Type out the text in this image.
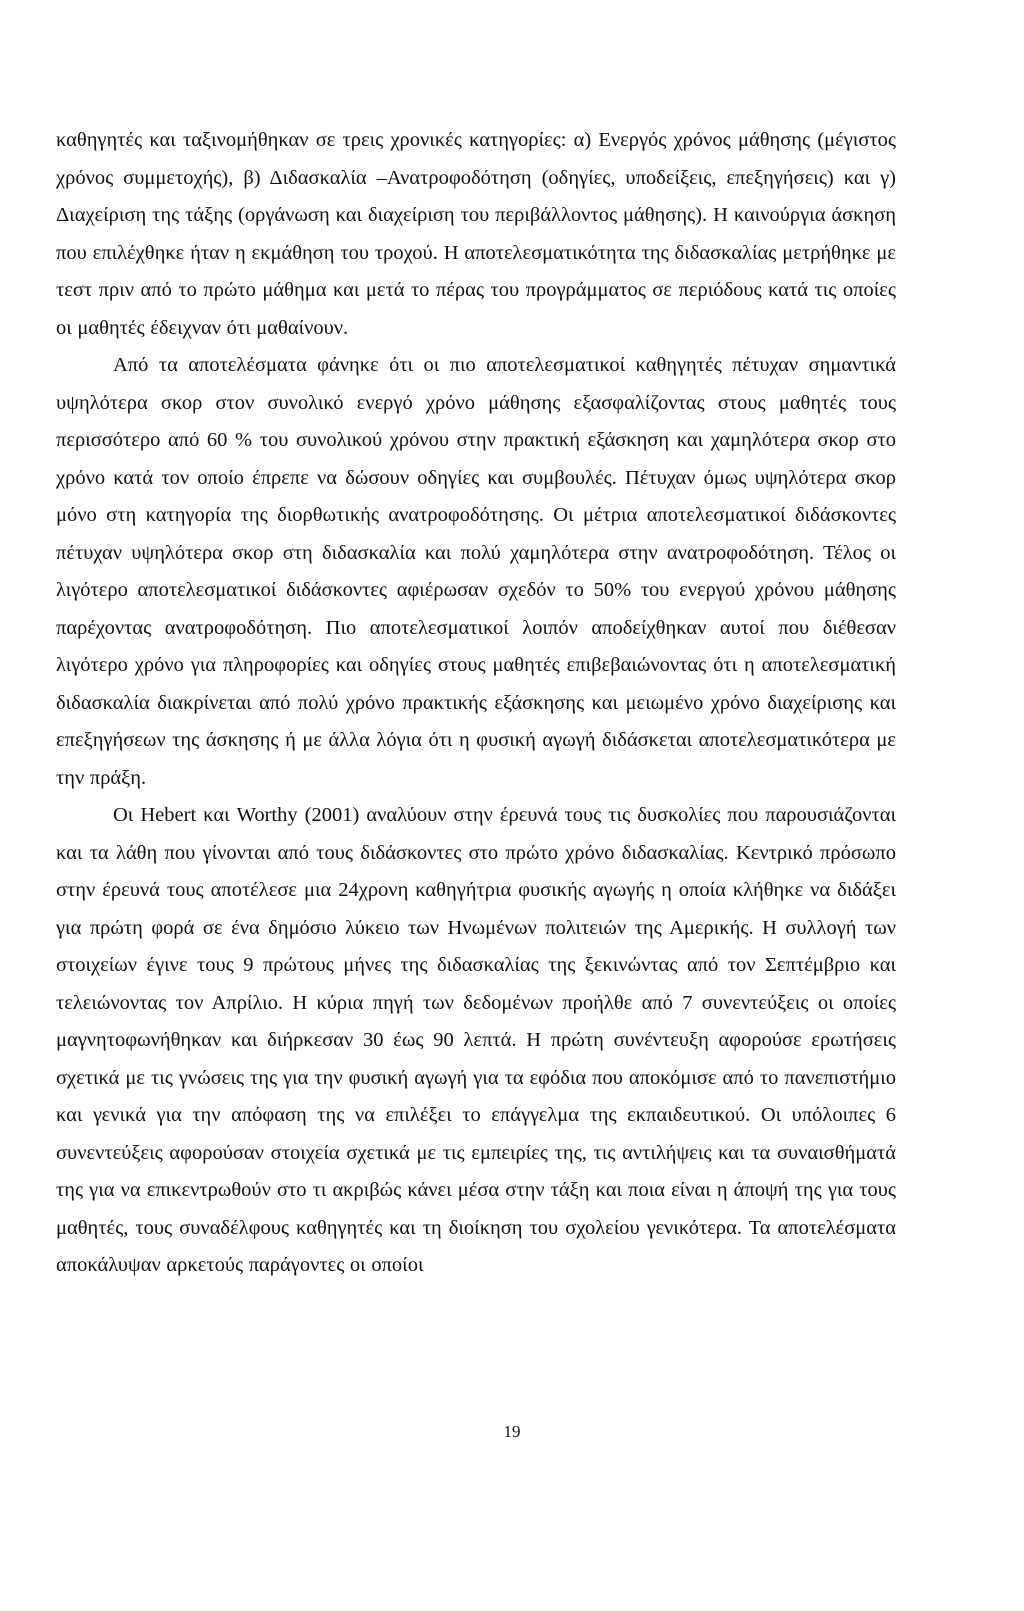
καθηγητές και ταξινομήθηκαν σε τρεις χρονικές κατηγορίες: α) Ενεργός χρόνος μάθησης (μέγιστος χρόνος συμμετοχής), β) Διδασκαλία –Ανατροφοδότηση (οδηγίες, υποδείξεις, επεξηγήσεις) και γ) Διαχείριση της τάξης (οργάνωση και διαχείριση του περιβάλλοντος μάθησης). Η καινούργια άσκηση που επιλέχθηκε ήταν η εκμάθηση του τροχού. Η αποτελεσματικότητα της διδασκαλίας μετρήθηκε με τεστ πριν από το πρώτο μάθημα και μετά το πέρας του προγράμματος σε περιόδους κατά τις οποίες οι μαθητές έδειχναν ότι μαθαίνουν.

Από τα αποτελέσματα φάνηκε ότι οι πιο αποτελεσματικοί καθηγητές πέτυχαν σημαντικά υψηλότερα σκορ στον συνολικό ενεργό χρόνο μάθησης εξασφαλίζοντας στους μαθητές τους περισσότερο από 60 % του συνολικού χρόνου στην πρακτική εξάσκηση και χαμηλότερα σκορ στο χρόνο κατά τον οποίο έπρεπε να δώσουν οδηγίες και συμβουλές. Πέτυχαν όμως υψηλότερα σκορ μόνο στη κατηγορία της διορθωτικής ανατροφοδότησης. Οι μέτρια αποτελεσματικοί διδάσκοντες πέτυχαν υψηλότερα σκορ στη διδασκαλία και πολύ χαμηλότερα στην ανατροφοδότηση. Τέλος οι λιγότερο αποτελεσματικοί διδάσκοντες αφιέρωσαν σχεδόν το 50% του ενεργού χρόνου μάθησης παρέχοντας ανατροφοδότηση. Πιο αποτελεσματικοί λοιπόν αποδείχθηκαν αυτοί που διέθεσαν λιγότερο χρόνο για πληροφορίες και οδηγίες στους μαθητές επιβεβαιώνοντας ότι η αποτελεσματική διδασκαλία διακρίνεται από πολύ χρόνο πρακτικής εξάσκησης και μειωμένο χρόνο διαχείρισης και επεξηγήσεων της άσκησης ή με άλλα λόγια ότι η φυσική αγωγή διδάσκεται αποτελεσματικότερα με την πράξη.

Οι Hebert και Worthy (2001) αναλύουν στην έρευνά τους τις δυσκολίες που παρουσιάζονται και τα λάθη που γίνονται από τους διδάσκοντες στο πρώτο χρόνο διδασκαλίας. Κεντρικό πρόσωπο στην έρευνά τους αποτέλεσε μια 24χρονη καθηγήτρια φυσικής αγωγής η οποία κλήθηκε να διδάξει για πρώτη φορά σε ένα δημόσιο λύκειο των Ηνωμένων πολιτειών της Αμερικής. Η συλλογή των στοιχείων έγινε τους 9 πρώτους μήνες της διδασκαλίας της ξεκινώντας από τον Σεπτέμβριο και τελειώνοντας τον Απρίλιο. Η κύρια πηγή των δεδομένων προήλθε από 7 συνεντεύξεις οι οποίες μαγνητοφωνήθηκαν και διήρκεσαν 30 έως 90 λεπτά. Η πρώτη συνέντευξη αφορούσε ερωτήσεις σχετικά με τις γνώσεις της για την φυσική αγωγή για τα εφόδια που αποκόμισε από το πανεπιστήμιο και γενικά για την απόφαση της να επιλέξει το επάγγελμα της εκπαιδευτικού. Οι υπόλοιπες 6 συνεντεύξεις αφορούσαν στοιχεία σχετικά με τις εμπειρίες της, τις αντιλήψεις και τα συναισθήματά της για να επικεντρωθούν στο τι ακριβώς κάνει μέσα στην τάξη και ποια είναι η άποψή της για τους μαθητές, τους συναδέλφους καθηγητές και τη διοίκηση του σχολείου γενικότερα. Τα αποτελέσματα αποκάλυψαν αρκετούς παράγοντες οι οποίοι

19
